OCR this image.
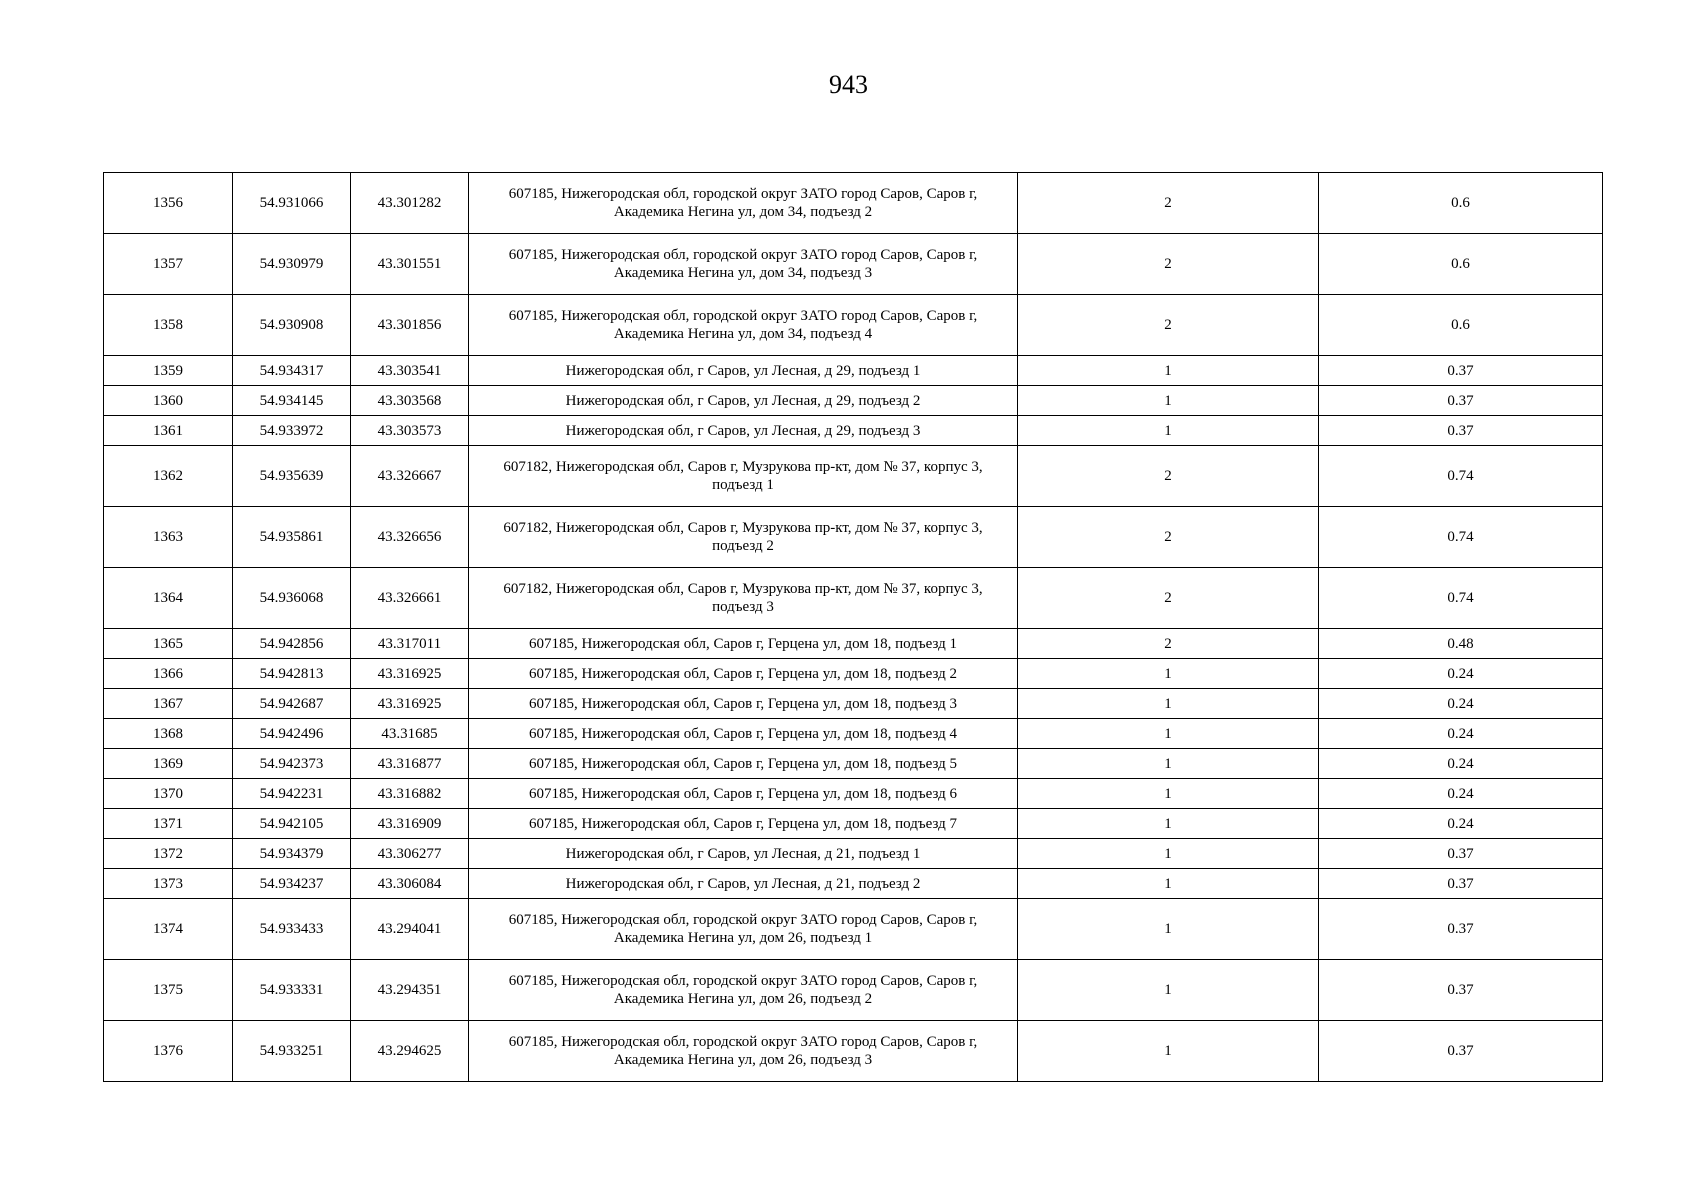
943
1356	54.931066	43.301282	607185, Нижегородская обл, городской округ ЗАТО город Саров, Саров г,
Академика Негина ул, дом 34, подъезд 2	2	0.6
1357	54.930979	43.301551	607185, Нижегородская обл, городской округ ЗАТО город Саров, Саров г,
Академика Негина ул, дом 34, подъезд 3	2	0.6
1358	54.930908	43.301856	607185, Нижегородская обл, городской округ ЗАТО город Саров, Саров г,
Академика Негина ул, дом 34, подъезд 4	2	0.6
1359	54.934317	43.303541	Нижегородская обл, г Саров, ул Лесная, д 29, подъезд 1	1	0.37
1360	54.934145	43.303568	Нижегородская обл, г Саров, ул Лесная, д 29, подъезд 2	1	0.37
1361	54.933972	43.303573	Нижегородская обл, г Саров, ул Лесная, д 29, подъезд 3	1	0.37
1362	54.935639	43.326667	607182, Нижегородская обл, Саров г, Музрукова пр-кт, дом № 37, корпус 3,
подъезд 1	2	0.74
1363	54.935861	43.326656	607182, Нижегородская обл, Саров г, Музрукова пр-кт, дом № 37, корпус 3,
подъезд 2	2	0.74
1364	54.936068	43.326661	607182, Нижегородская обл, Саров г, Музрукова пр-кт, дом № 37, корпус 3,
подъезд 3	2	0.74
1365	54.942856	43.317011	607185, Нижегородская обл, Саров г, Герцена ул, дом 18, подъезд 1	2	0.48
1366	54.942813	43.316925	607185, Нижегородская обл, Саров г, Герцена ул, дом 18, подъезд 2	1	0.24
1367	54.942687	43.316925	607185, Нижегородская обл, Саров г, Герцена ул, дом 18, подъезд 3	1	0.24
1368	54.942496	43.31685	607185, Нижегородская обл, Саров г, Герцена ул, дом 18, подъезд 4	1	0.24
1369	54.942373	43.316877	607185, Нижегородская обл, Саров г, Герцена ул, дом 18, подъезд 5	1	0.24
1370	54.942231	43.316882	607185, Нижегородская обл, Саров г, Герцена ул, дом 18, подъезд 6	1	0.24
1371	54.942105	43.316909	607185, Нижегородская обл, Саров г, Герцена ул, дом 18, подъезд 7	1	0.24
1372	54.934379	43.306277	Нижегородская обл, г Саров, ул Лесная, д 21, подъезд 1	1	0.37
1373	54.934237	43.306084	Нижегородская обл, г Саров, ул Лесная, д 21, подъезд 2	1	0.37
1374	54.933433	43.294041	607185, Нижегородская обл, городской округ ЗАТО город Саров, Саров г,
Академика Негина ул, дом 26, подъезд 1	1	0.37
1375	54.933331	43.294351	607185, Нижегородская обл, городской округ ЗАТО город Саров, Саров г,
Академика Негина ул, дом 26, подъезд 2	1	0.37
1376	54.933251	43.294625	607185, Нижегородская обл, городской округ ЗАТО город Саров, Саров г,
Академика Негина ул, дом 26, подъезд 3	1	0.37
